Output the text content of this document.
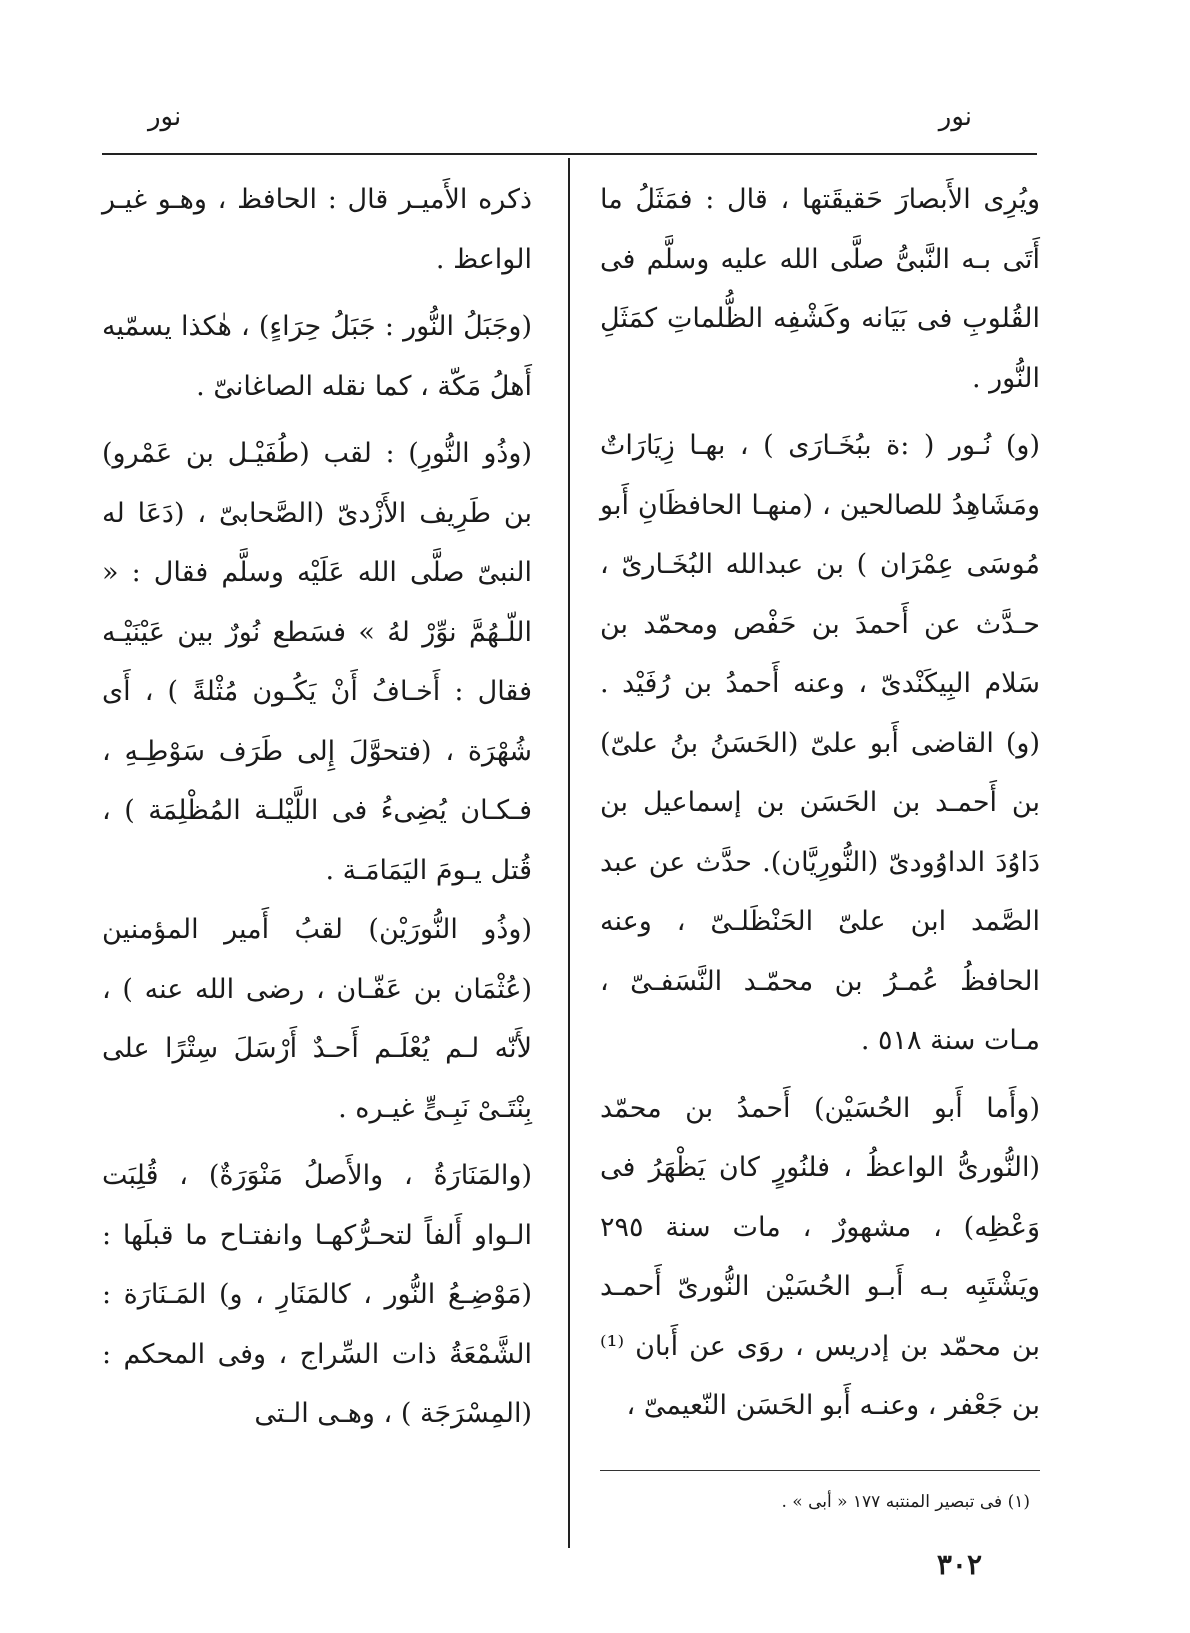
نور
نور

ويُرِى الأَبصارَ حَقيقَتها ، قال : فمَثَلُ ما أَتَى بـه النَّبىُّ صلَّى الله عليه وسلَّم فى القُلوبِ فى بَيَانه وكَشْفِه الظُّلماتِ كمَثَلِ النُّور .

(و) نُـور ( :ة ببُخَـارَى ) ، بهـا زِيَارَاتٌ ومَشَاهِدُ للصالحين ، (منهـا الحافظَانِ أَبو مُوسَى عِمْرَان ) بن عبدالله البُخَـارىّ ، حـدَّث عن أَحمدَ بن حَفْص ومحمّد بن سَلام البِيكَنْدىّ ، وعنه أَحمدُ بن رُفَيْد . (و) القاضى أَبو علىّ (الحَسَنُ بنُ علىّ) بن أَحمـد بن الحَسَن بن إسماعيل بن دَاوُدَ الداوُودىّ (النُّورِيَّان). حدَّث عن عبد الصَّمد ابن علىّ الحَنْظَلـىّ ، وعنه الحافظُ عُمـرُ بن محمّـد النَّسَفـىّ ، مـات سنة ٥١٨ .

(وأَما أَبو الحُسَيْن) أَحمدُ بن محمّد (النُّورىُّ الواعظُ ، فلنُورٍ كان يَظْهَرُ فى وَعْظِه) ، مشهورٌ ، مات سنة ٢٩٥ ويَشْتَبِه بـه أَبـو الحُسَيْن النُّورىّ أَحمـد بن محمّد بن إدريس ، روَى عن أَبان ⁽¹⁾ بن جَعْفر ، وعنـه أَبو الحَسَن النّعيمىّ ،

ذكره الأَميـر قال : الحافظ ، وهـو غيـر الواعظ .

(وجَبَلُ النُّور : جَبَلُ حِرَاءٍ) ، هٰكذا يسمّيه أَهلُ مَكّة ، كما نقله الصاغانىّ .

(وذُو النُّورِ) : لقب (طُفَيْـل بن عَمْرو) بن طَرِيف الأَزْدىّ (الصَّحابىّ ، (دَعَا له النبىّ صلَّى الله عَلَيْه وسلَّم فقال : « اللّـهُمَّ نوِّرْ لهُ » فسَطع نُورٌ بين عَيْنَيْـه فقال : أَخـافُ أَنْ يَكُـون مُثْلةً ) ، أَى شُهْرَة ، (فتحوَّلَ إِلى طَرَف سَوْطِـهِ ، فـكـان يُضِىءُ فى اللَّيْلـة المُظْلِمَة ) ، قُتل يـومَ اليَمَامَـة .

(وذُو النُّورَيْن) لقبُ أَمير المؤمنين (عُثْمَان بن عَفّـان ، رضى الله عنه ) ، لأَنّه لـم يُعْلَـم أَحـدٌ أَرْسَلَ سِتْرًا على بِنْتَـىْ نَبِـىٍّ غيـره .

(والمَنَارَةُ ، والأَصلُ مَنْوَرَةٌ) ، قُلِبَت الـواو أَلفاً لتحـرُّكهـا وانفتـاح ما قبلَها : (مَوْضِـعُ النُّور ، كالمَنَارِ ، و) المَـنَارَة : الشَّمْعَةُ ذات السِّراج ، وفى المحكم : (المِسْرَجَة ) ، وهـى الـتى

(١) فى تبصير المنتبه ١٧٧ « أبى » .
٣٠٢
